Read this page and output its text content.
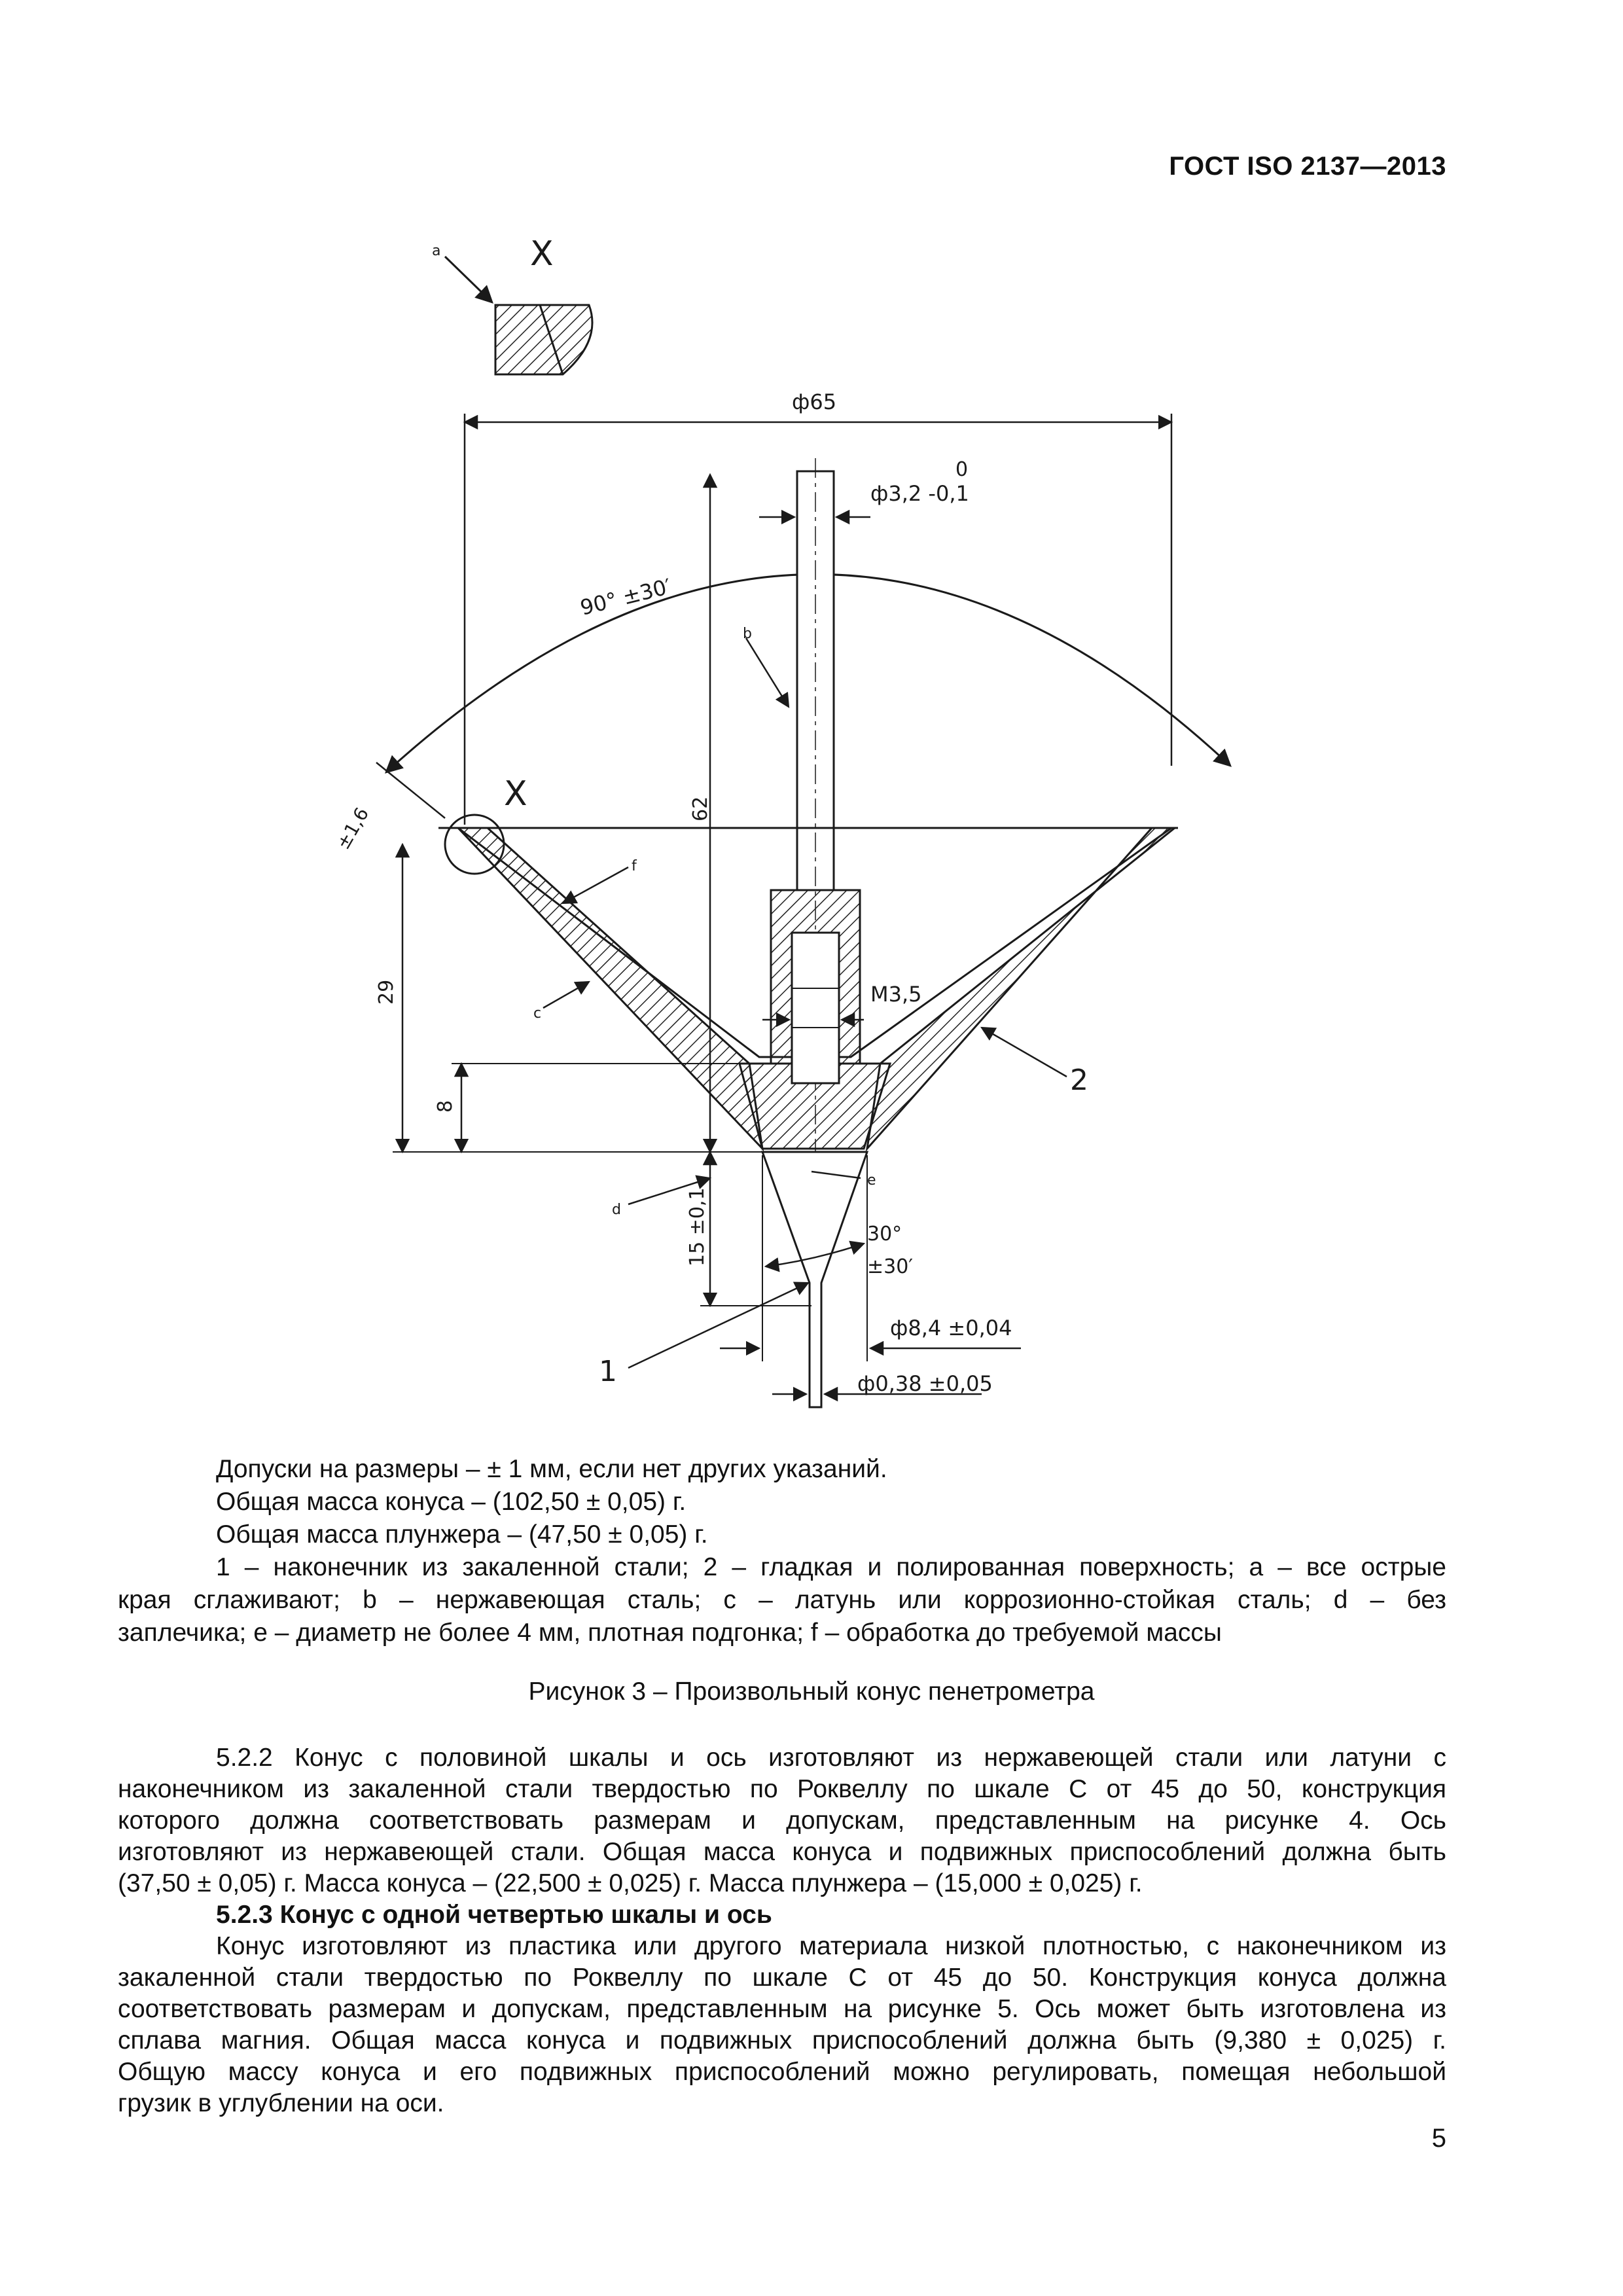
ГОСТ ISO 2137—2013
a	X
ф65
90° ±30′
0
ф3,2 -0,1
b
X
±1,6	62
29
8
M3,5
f
c
2
15 ±0,1
d
e
30°
±30′
1
ф8,4 ±0,04
ф0,38 ±0,05

Допуски на размеры – ± 1 мм, если нет других указаний.

Общая масса конуса – (102,50 ± 0,05) г.

Общая масса плунжера – (47,50 ± 0,05) г.

1 – наконечник из закаленной стали; 2 – гладкая и полированная поверхность; а – все острые
края сглаживают; b – нержавеющая сталь; с – латунь или коррозионно-стойкая сталь; d – без
заплечика; е – диаметр не более 4 мм, плотная подгонка; f – обработка до требуемой массы
Рисунок 3 – Произвольный конус пенетрометра
5.2.2 Конус с половиной шкалы и ось изготовляют из нержавеющей стали или латуни с
наконечником из закаленной стали твердостью по Роквеллу по шкале С от 45 до 50, конструкция
которого должна соответствовать размерам и допускам, представленным на рисунке 4. Ось
изготовляют из нержавеющей стали. Общая масса конуса и подвижных приспособлений должна быть
(37,50 ± 0,05) г. Масса конуса – (22,500 ± 0,025) г. Масса плунжера – (15,000 ± 0,025) г.
5.2.3 Конус с одной четвертью шкалы и ось
Конус изготовляют из пластика или другого материала низкой плотностью, с наконечником из
закаленной стали твердостью по Роквеллу по шкале С от 45 до 50. Конструкция конуса должна
соответствовать размерам и допускам, представленным на рисунке 5. Ось может быть изготовлена из
сплава магния. Общая масса конуса и подвижных приспособлений должна быть (9,380 ± 0,025) г.
Общую массу конуса и его подвижных приспособлений можно регулировать, помещая небольшой
грузик в углублении на оси.
5
